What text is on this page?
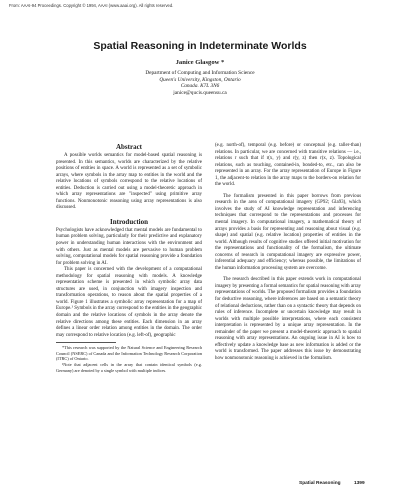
From: AAAI-94 Proceedings. Copyright © 1994, AAAI (www.aaai.org). All rights reserved.
Spatial Reasoning in Indeterminate Worlds
Janice Glasgow *
Department of Computing and Information Science
Queen's University, Kingston, Ontario
Canada. K7L 3N6
janice@qucis.queensu.ca
Abstract

A possible worlds semantics for model-based spatial reasoning is presented. In this semantics, worlds are characterized by the relative positions of entities in space. A world is represented as a set of symbolic arrays, where symbols in the array map to entities in the world and the relative locations of symbols correspond to the relative locations of entities. Deduction is carried out using a model-theoretic approach in which array representations are "inspected" using primitive array functions. Nonmonotonic reasoning using array representations is also discussed.

Introduction

Psychologists have acknowledged that mental models are fundamental to human problem solving, particularly for their predictive and explanatory power in understanding human interactions with the environment and with others. Just as mental models are pervasive to human problem solving, computational models for spatial reasoning provide a foundation for problem solving in AI.

This paper is concerned with the development of a computational methodology for spatial reasoning with models. A knowledge representation scheme is presented in which symbolic array data structures are used, in conjunction with imagery inspection and transformation operations, to reason about the spatial properties of a world. Figure 1 illustrates a symbolic array representation for a map of Europe.¹ Symbols in the array correspond to the entities in the geographic domain and the relative locations of symbols in the array denote the relative directions among these entities. Each dimension in an array defines a linear order relation among entities in the domain. The order may correspond to relative location (e.g. left-of), geographic

*This research was supported by the Natural Science and Engineering Research Council (NSERC) of Canada and the Information Technology Research Corporation (ITRC) of Ontario.

¹Note that adjacent cells in the array that contain identical symbols (e.g. Germany) are denoted by a single symbol with multiple indices.

(e.g. north-of), temporal (e.g. before) or conceptual (e.g. taller-than) relations. In particular, we are concerned with transitive relations — i.e., relations r such that if r(x, y) and r(y, z) then r(x, z). Topological relations, such as touching, contained-in, bonded-to, etc., can also be represented in an array. For the array representation of Europe in Figure 1, the adjacent-to relation in the array maps to the borders-on relation for the world.

The formalism presented in this paper borrows from previous research in the area of computational imagery (GP92; Gla93), which involves the study of AI knowledge representation and inferencing techniques that correspond to the representations and processes for mental imagery. In computational imagery, a mathematical theory of arrays provides a basis for representing and reasoning about visual (e.g. shape) and spatial (e.g. relative location) properties of entities in the world. Although results of cognitive studies offered initial motivation for the representations and functionality of the formalism, the ultimate concerns of research in computational imagery are expressive power, inferential adequacy and efficiency; whereas possible, the limitations of the human information processing system are overcome.

The research described in this paper extends work in computational imagery by presenting a formal semantics for spatial reasoning with array representations of worlds. The proposed formalism provides a foundation for deductive reasoning, where inferences are based on a semantic theory of relational deductions, rather than on a syntactic theory that depends on rules of inference. Incomplete or uncertain knowledge may result in worlds with multiple possible interpretations, where each consistent interpretation is represented by a unique array representation. In the remainder of the paper we present a model-theoretic approach to spatial reasoning with array representations. An ongoing issue in AI is how to effectively update a knowledge base as new information is added or the world is transformed. The paper addresses this issue by demonstrating how nonmonotonic reasoning is achieved in the formalism.

Spatial Reasoning	1399
